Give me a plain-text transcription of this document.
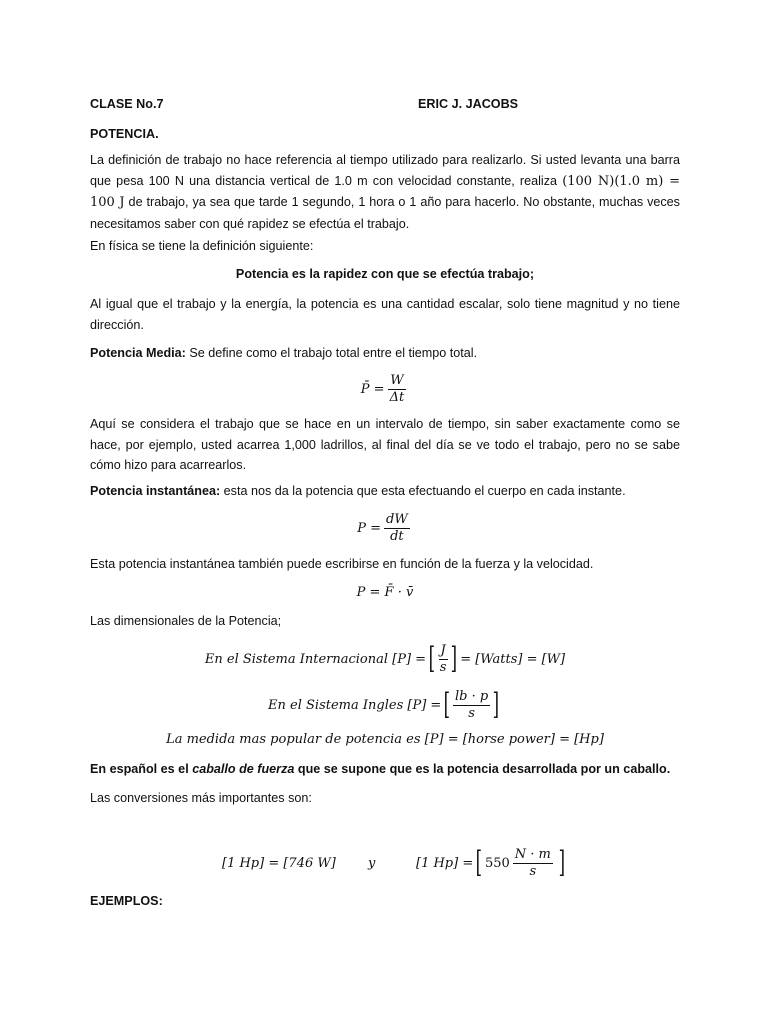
CLASE No.7	ERIC J. JACOBS
POTENCIA.
La definición de trabajo no hace referencia al tiempo utilizado para realizarlo. Si usted levanta una barra que pesa 100 N una distancia vertical de 1.0 m con velocidad constante, realiza (100 N)(1.0 m) = 100 J de trabajo, ya sea que tarde 1 segundo, 1 hora o 1 año para hacerlo. No obstante, muchas veces necesitamos saber con qué rapidez se efectúa el trabajo.
En física se tiene la definición siguiente:
Potencia es la rapidez con que se efectúa trabajo;
Al igual que el trabajo y la energía, la potencia es una cantidad escalar, solo tiene magnitud y no tiene dirección.
Potencia Media: Se define como el trabajo total entre el tiempo total.
P̄ = $\frac{W}{\Delta t}$
Aquí se considera el trabajo que se hace en un intervalo de tiempo, sin saber exactamente como se hace, por ejemplo, usted acarrea 1,000 ladrillos, al final del día se ve todo el trabajo, pero no se sabe cómo hizo para acarrearlos.
Potencia instantánea: esta nos da la potencia que esta efectuando el cuerpo en cada instante.
$P = \frac{dW}{dt}$
Esta potencia instantánea también puede escribirse en función de la fuerza y la velocidad.
P = F̄ · v̄
Las dimensionales de la Potencia;
En el Sistema Internacional [P] = [ $\frac{J}{s}$ ] = [Watts] = [W]
En el Sistema Ingles [P] = [ $\frac{lb \cdot p}{s}$ ]
La medida mas popular de potencia es [P] = [horse power] = [Hp]
En español es el caballo de fuerza que se supone que es la potencia desarrollada por un caballo.
Las conversiones más importantes son:
[1 Hp] = [746 W] y	[1 Hp] = [ $550 \frac{N \cdot m}{s}$ ]
EJEMPLOS:
